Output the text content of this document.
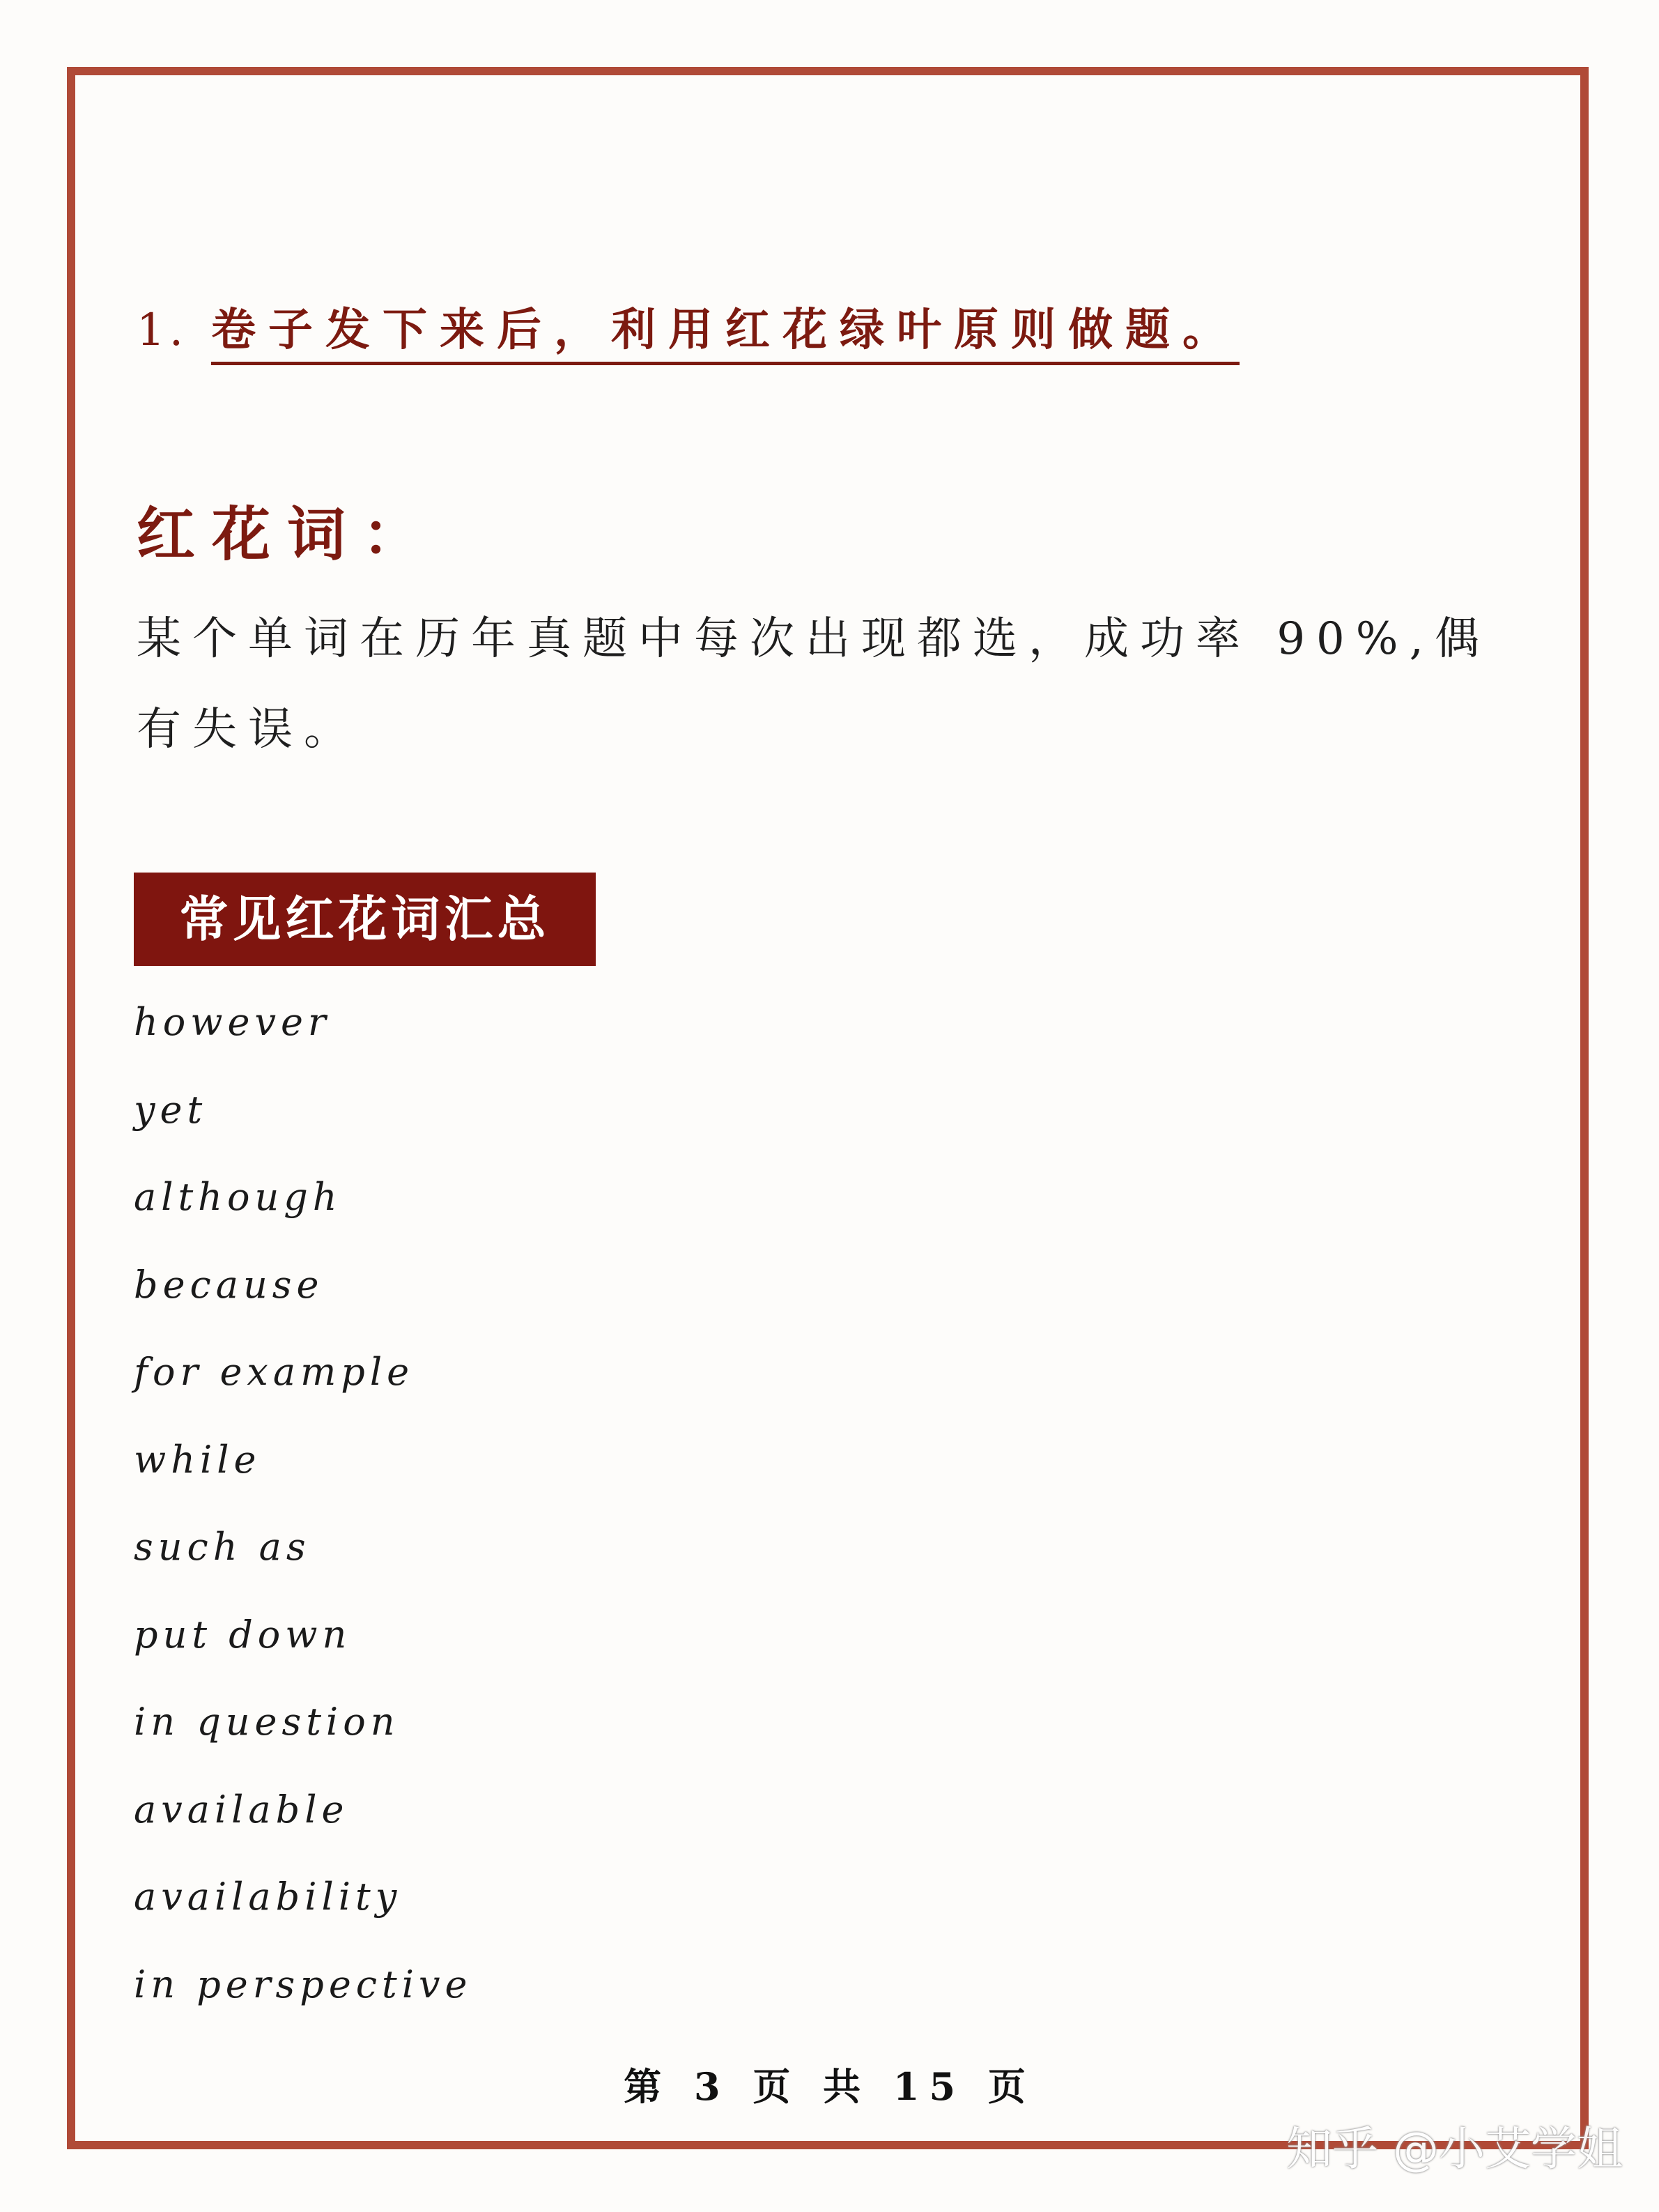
1. 卷子发下来后，利用红花绿叶原则做题。
红花词：

某个单词在历年真题中每次出现都选，成功率 90%,偶有失误。

常见红花词汇总
however
yet
although
because
for example
while
such as
put down
in question
available
availability
in perspective
第 3 页 共 15 页
知乎 @小艾学姐
